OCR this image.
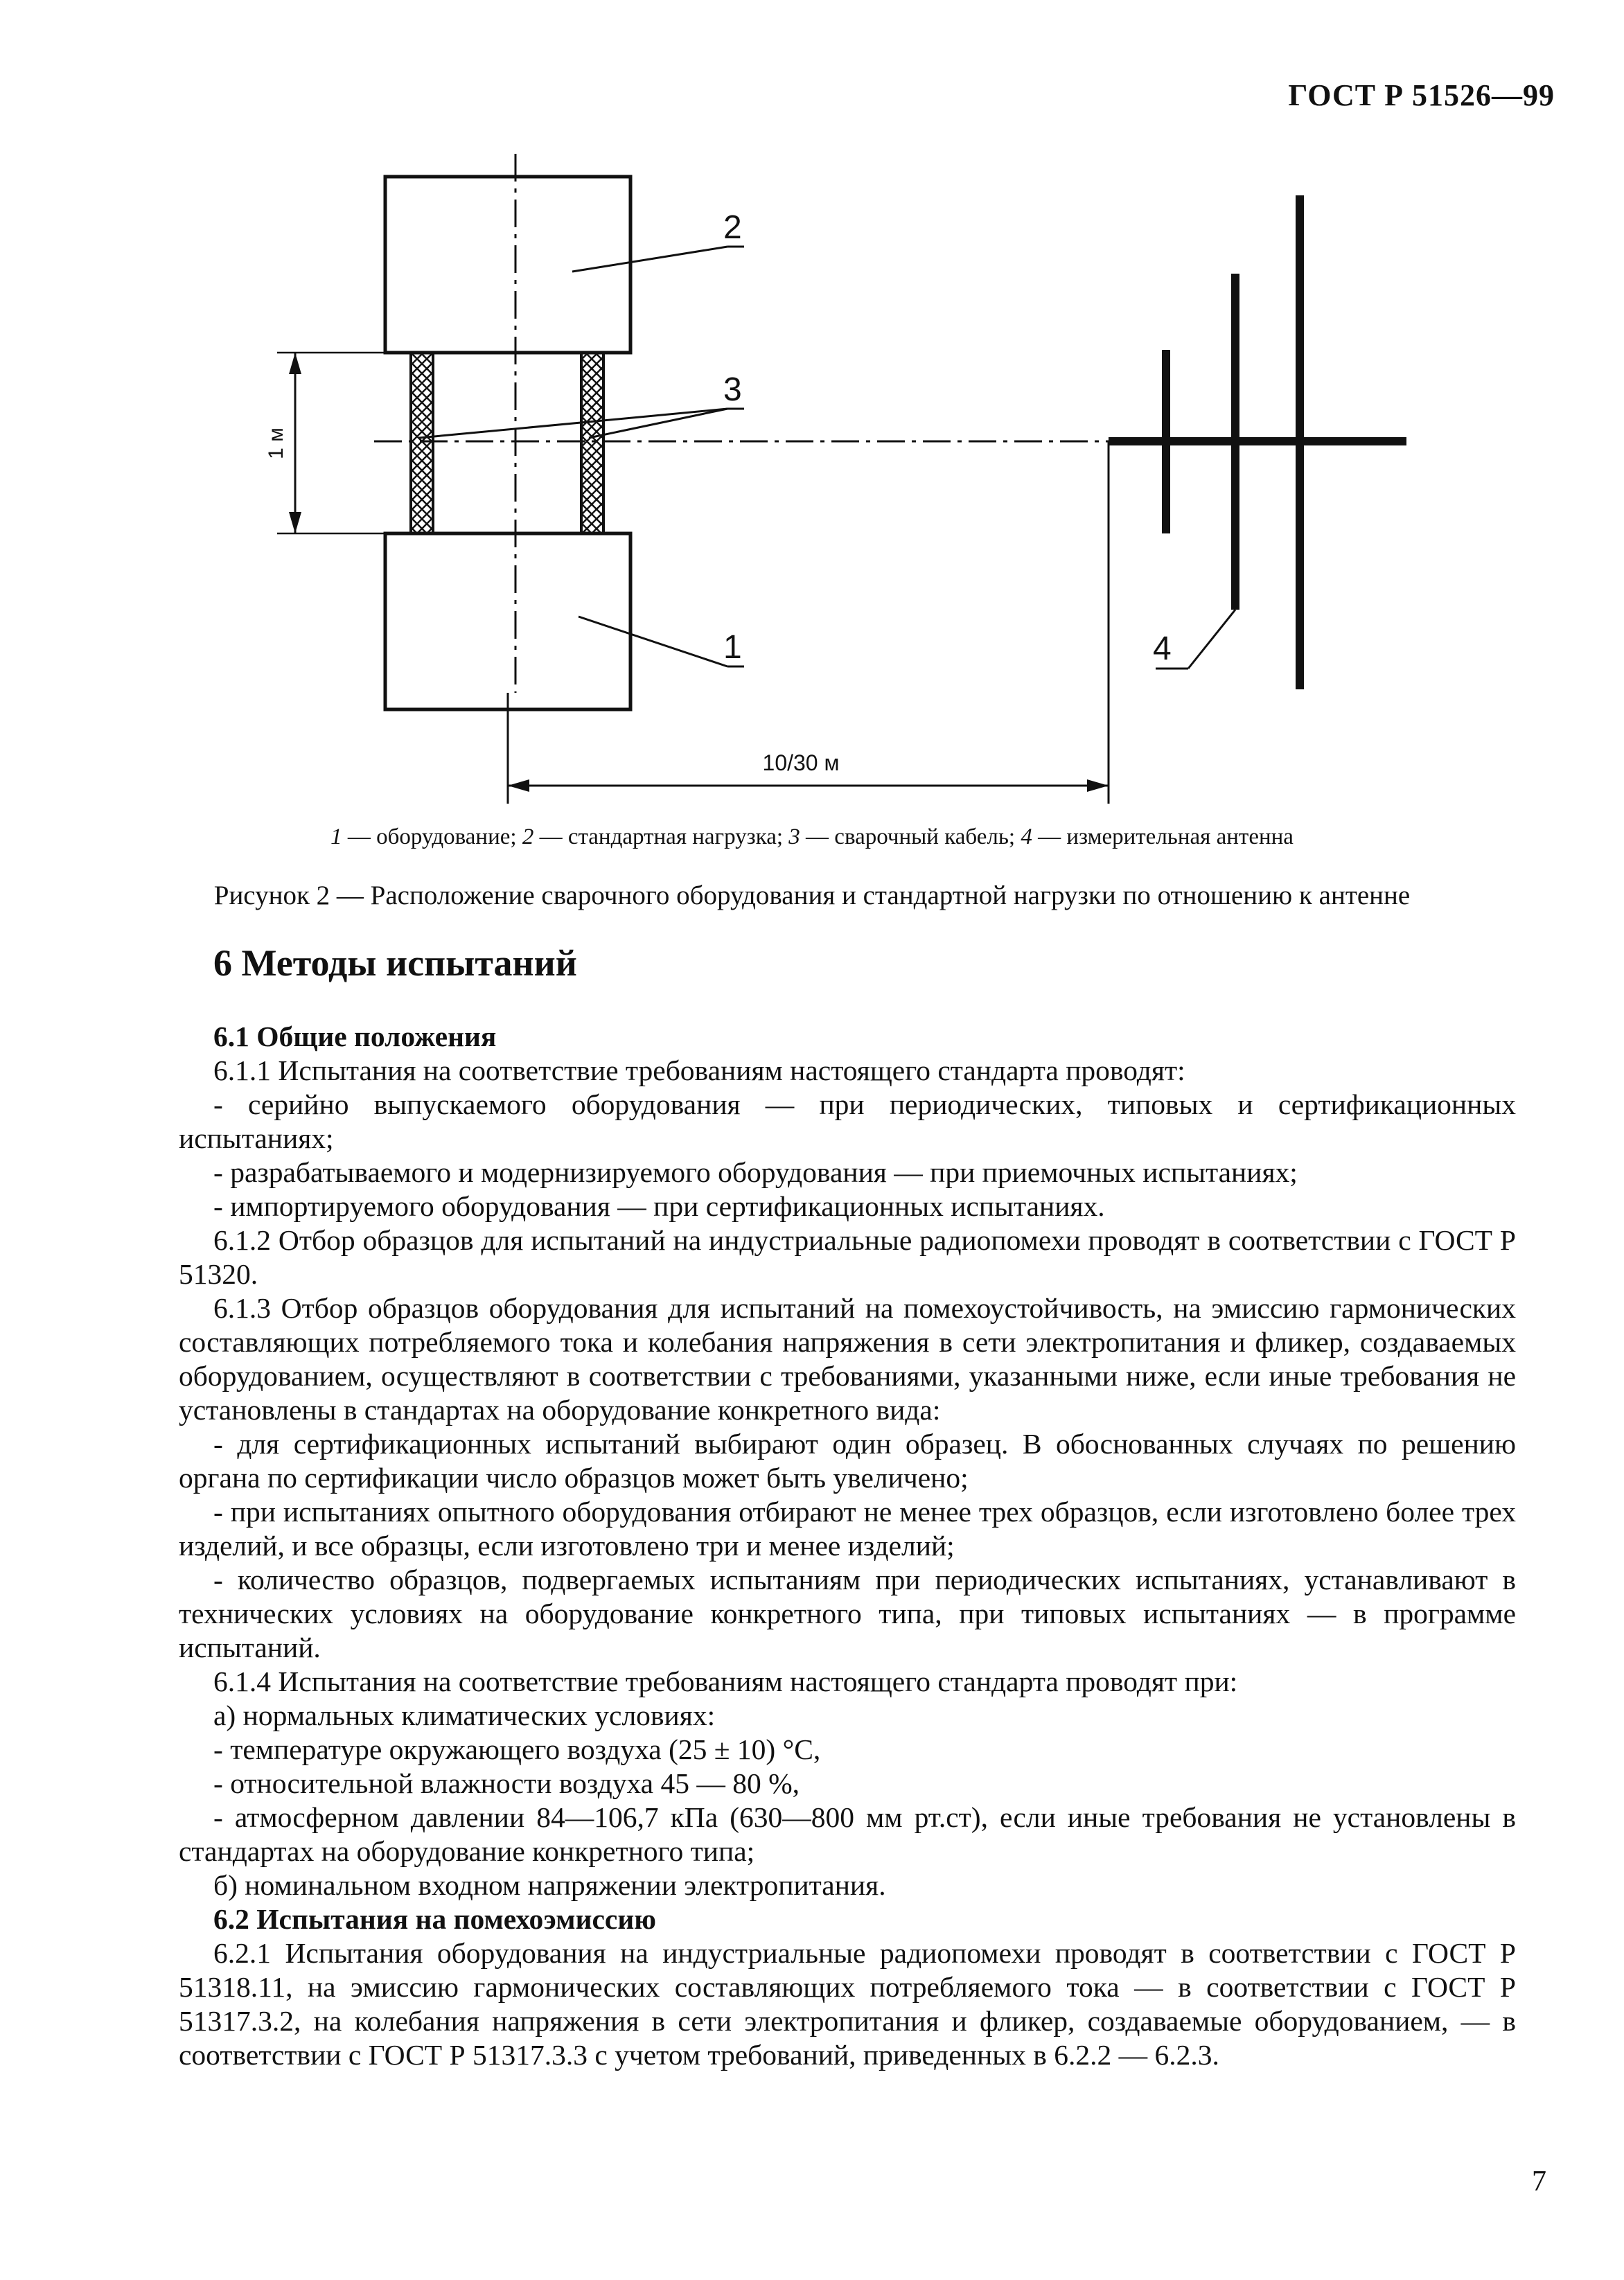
ГОСТ Р 51526—99
1 м
2
3
1	4
10/30 м
1 — оборудование; 2 — стандартная нагрузка; 3 — сварочный кабель; 4 — измерительная антенна
Рисунок 2 — Расположение сварочного оборудования и стандартной нагрузки по отношению к антенне
6 Методы испытаний
6.1 Общие положения

6.1.1 Испытания на соответствие требованиям настоящего стандарта проводят:

- серийно выпускаемого оборудования — при периодических, типовых и сертификационных испытаниях;

- разрабатываемого и модернизируемого оборудования — при приемочных испытаниях;

- импортируемого оборудования — при сертификационных испытаниях.

6.1.2 Отбор образцов для испытаний на индустриальные радиопомехи проводят в соответствии с ГОСТ Р 51320.

6.1.3 Отбор образцов оборудования для испытаний на помехоустойчивость, на эмиссию гармонических составляющих потребляемого тока и колебания напряжения в сети электропитания и фликер, создаваемых оборудованием, осуществляют в соответствии с требованиями, указанными ниже, если иные требования не установлены в стандартах на оборудование конкретного вида:

- для сертификационных испытаний выбирают один образец. В обоснованных случаях по решению органа по сертификации число образцов может быть увеличено;

- при испытаниях опытного оборудования отбирают не менее трех образцов, если изготовлено более трех изделий, и все образцы, если изготовлено три и менее изделий;

- количество образцов, подвергаемых испытаниям при периодических испытаниях, устанавливают в технических условиях на оборудование конкретного типа, при типовых испытаниях — в программе испытаний.

6.1.4 Испытания на соответствие требованиям настоящего стандарта проводят при:

а) нормальных климатических условиях:

- температуре окружающего воздуха (25 ± 10) °С,

- относительной влажности воздуха 45 — 80 %,

- атмосферном давлении 84—106,7 кПа (630—800 мм рт.ст), если иные требования не установлены в стандартах на оборудование конкретного типа;

б) номинальном входном напряжении электропитания.

6.2 Испытания на помехоэмиссию

6.2.1 Испытания оборудования на индустриальные радиопомехи проводят в соответствии с ГОСТ Р 51318.11, на эмиссию гармонических составляющих потребляемого тока — в соответствии с ГОСТ Р 51317.3.2, на колебания напряжения в сети электропитания и фликер, создаваемые оборудованием, — в соответствии с ГОСТ Р 51317.3.3 с учетом требований, приведенных в 6.2.2 — 6.2.3.

7
